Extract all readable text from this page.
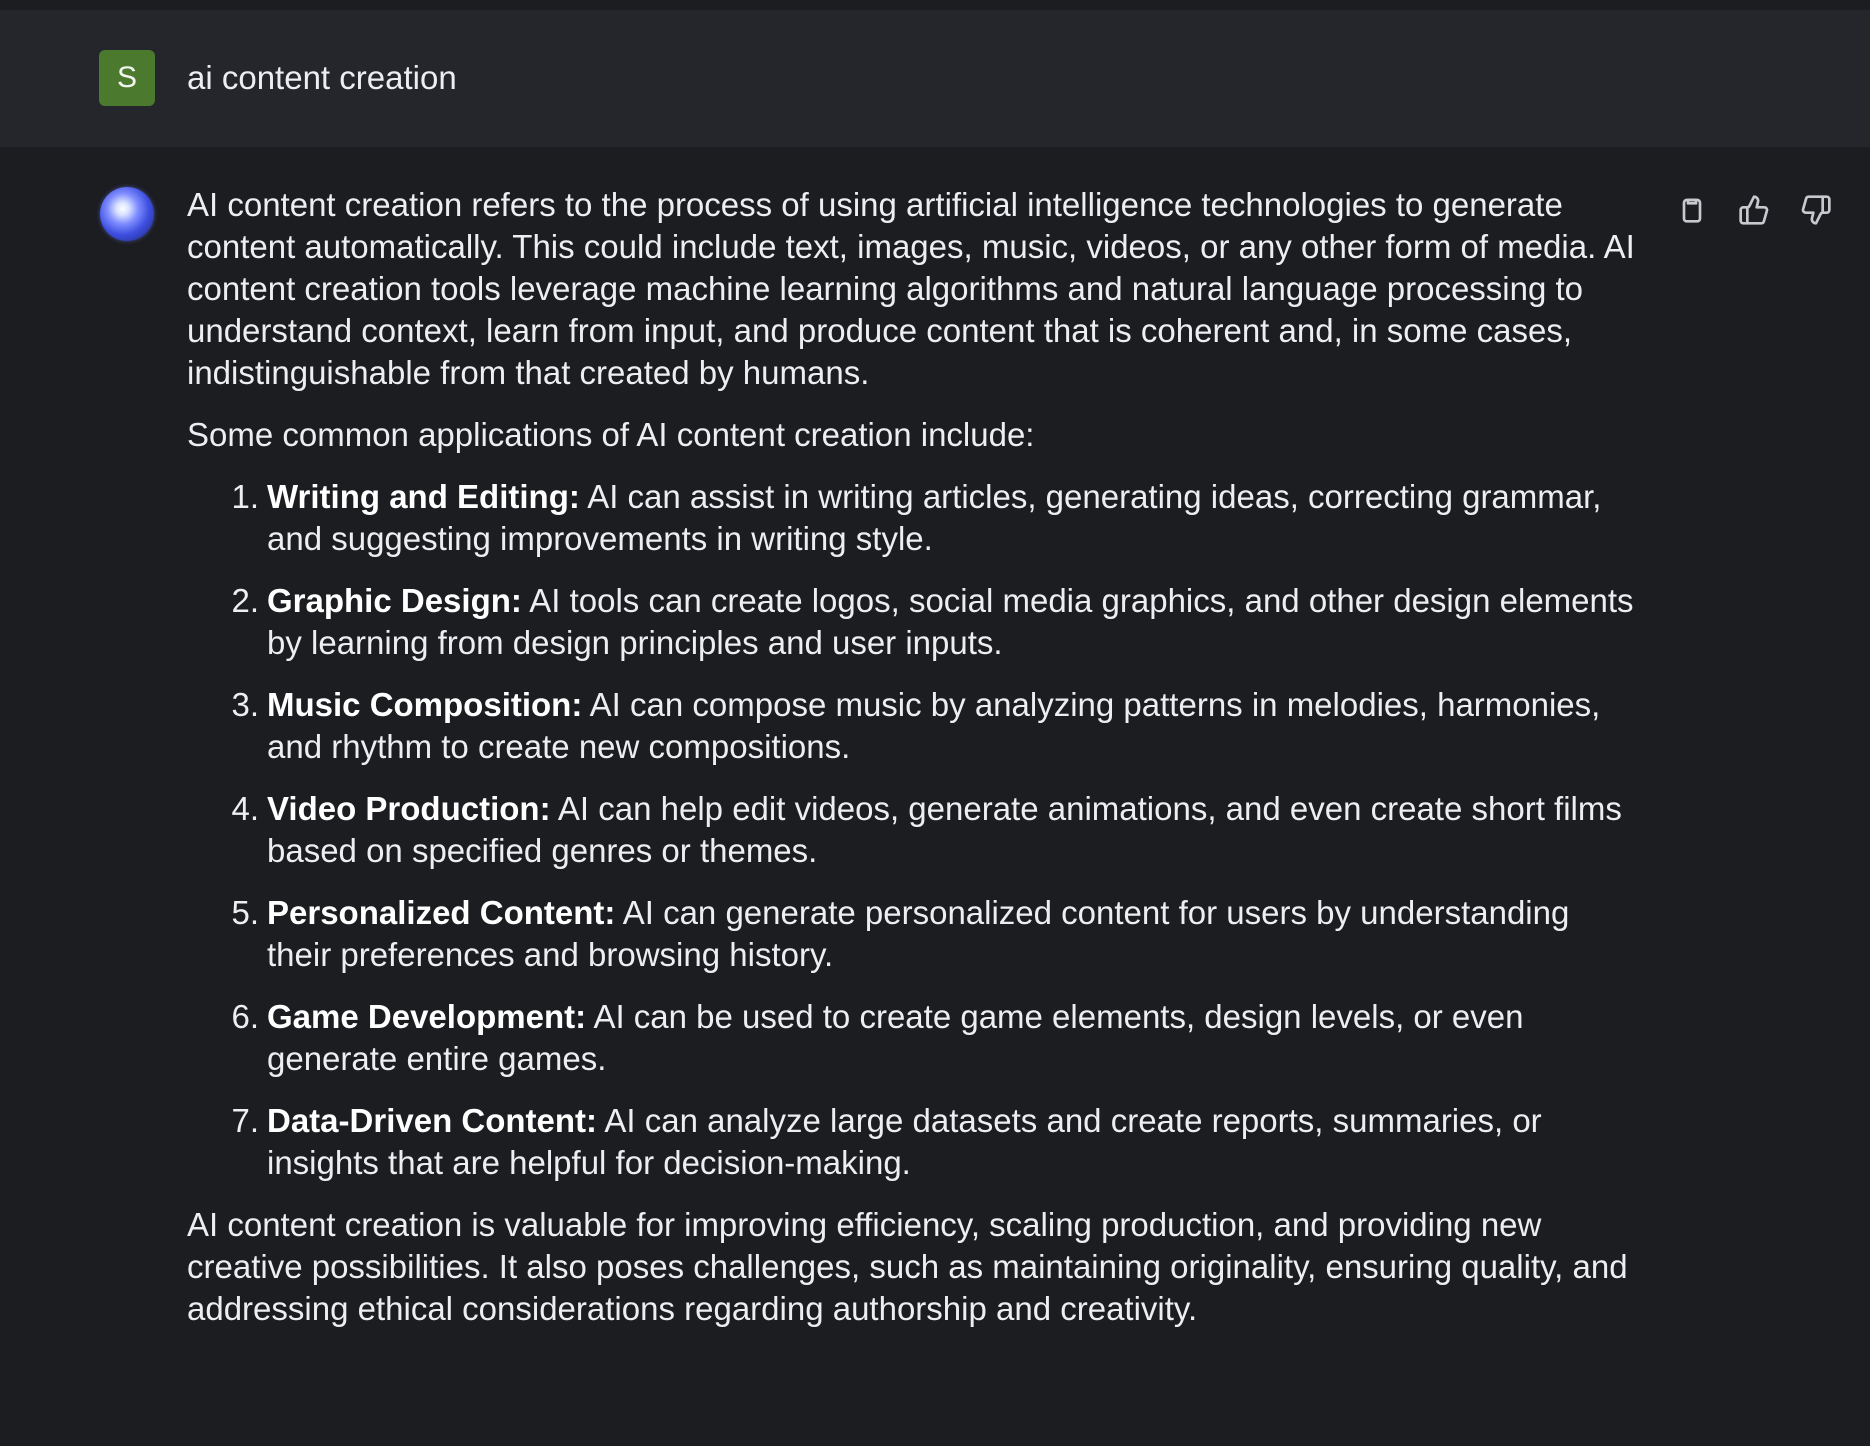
S	ai content creation

AI content creation refers to the process of using artificial intelligence technologies to generate content automatically. This could include text, images, music, videos, or any other form of media. AI content creation tools leverage machine learning algorithms and natural language processing to understand context, learn from input, and produce content that is coherent and, in some cases, indistinguishable from that created by humans.

Some common applications of AI content creation include:

1. Writing and Editing: AI can assist in writing articles, generating ideas, correcting grammar, and suggesting improvements in writing style.
2. Graphic Design: AI tools can create logos, social media graphics, and other design elements by learning from design principles and user inputs.
3. Music Composition: AI can compose music by analyzing patterns in melodies, harmonies, and rhythm to create new compositions.
4. Video Production: AI can help edit videos, generate animations, and even create short films based on specified genres or themes.
5. Personalized Content: AI can generate personalized content for users by understanding their preferences and browsing history.
6. Game Development: AI can be used to create game elements, design levels, or even generate entire games.
7. Data-Driven Content: AI can analyze large datasets and create reports, summaries, or insights that are helpful for decision-making.

AI content creation is valuable for improving efficiency, scaling production, and providing new creative possibilities. It also poses challenges, such as maintaining originality, ensuring quality, and addressing ethical considerations regarding authorship and creativity.
